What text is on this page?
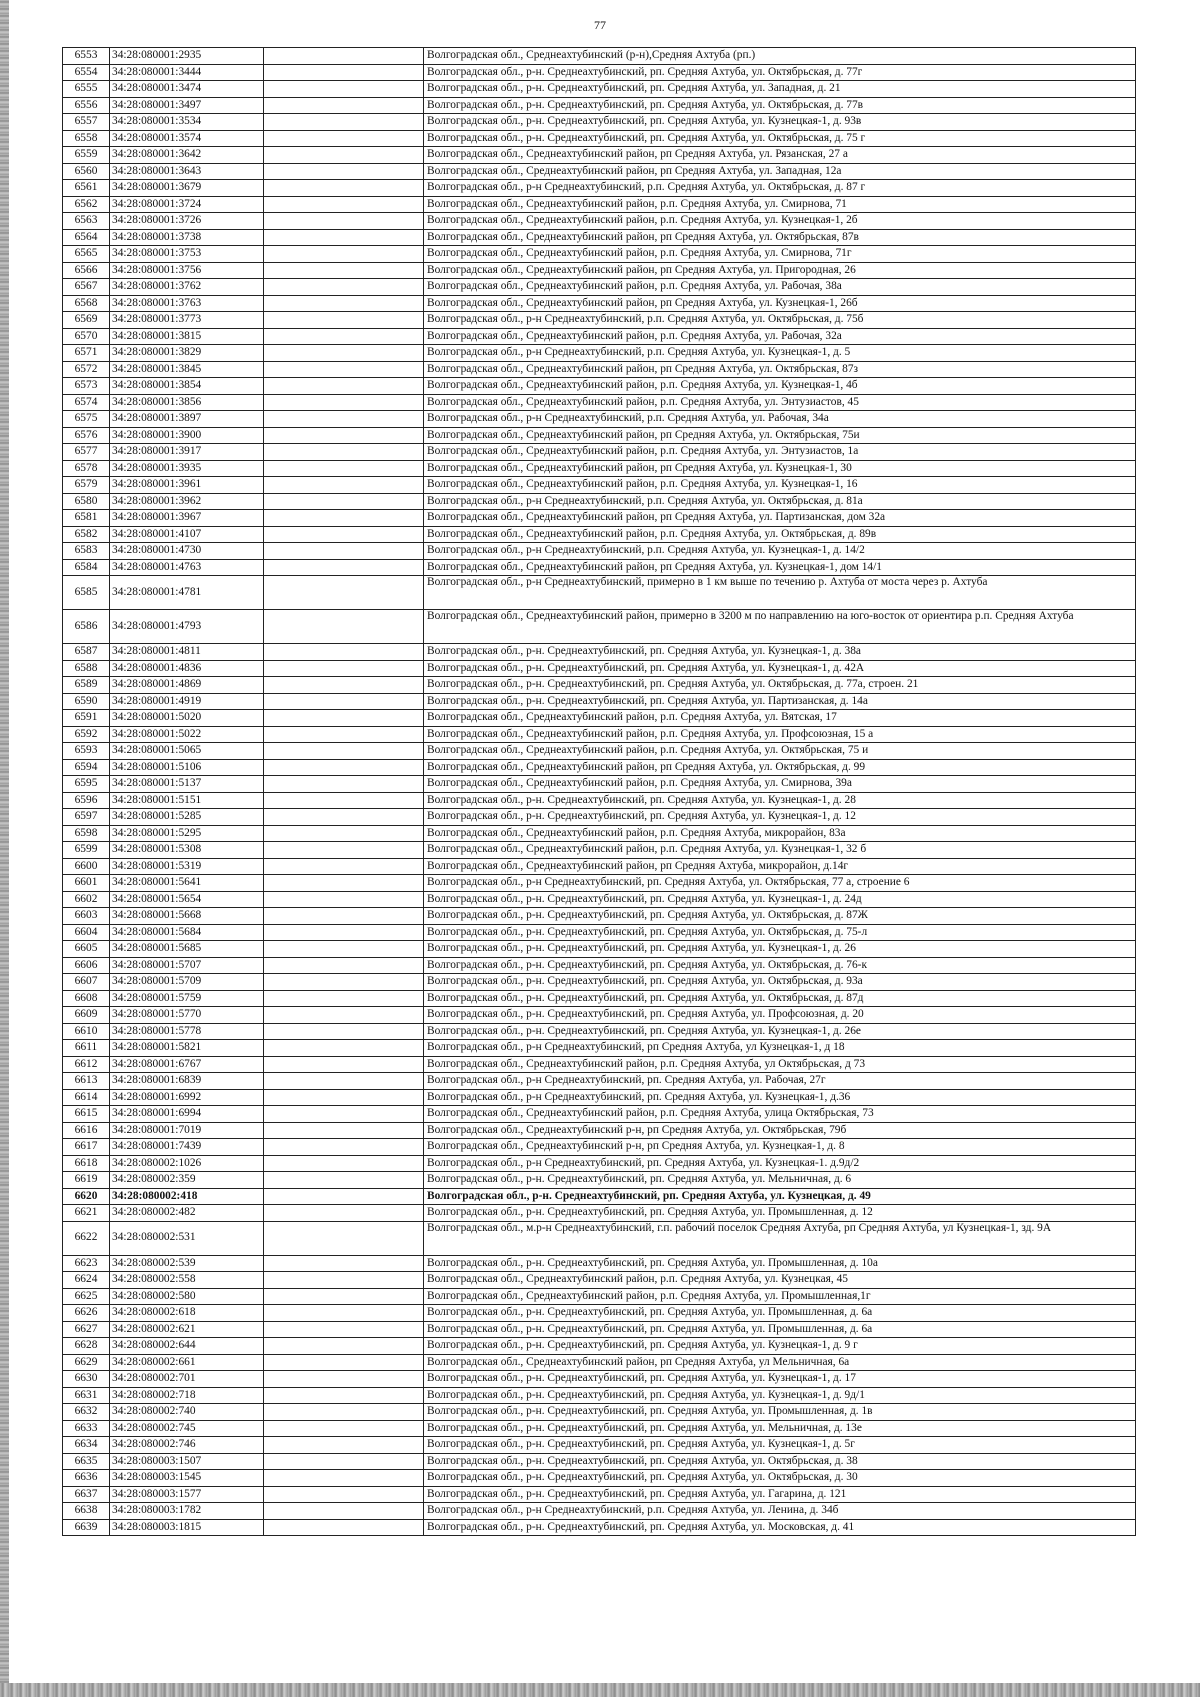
77
6553	34:28:080001:2935		Волгоградская обл., Среднеахтубинский (р-н),Средняя Ахтуба (рп.)
6554	34:28:080001:3444		Волгоградская обл., р-н. Среднеахтубинский, рп. Средняя Ахтуба, ул. Октябрьская, д. 77г
6555	34:28:080001:3474		Волгоградская обл., р-н. Среднеахтубинский, рп. Средняя Ахтуба, ул. Западная, д. 21
6556	34:28:080001:3497		Волгоградская обл., р-н. Среднеахтубинский, рп. Средняя Ахтуба, ул. Октябрьская, д. 77в
6557	34:28:080001:3534		Волгоградская обл., р-н. Среднеахтубинский, рп. Средняя Ахтуба, ул. Кузнецкая-1, д. 93в
6558	34:28:080001:3574		Волгоградская обл., р-н. Среднеахтубинский, рп. Средняя Ахтуба, ул. Октябрьская, д. 75 г
6559	34:28:080001:3642		Волгоградская обл., Среднеахтубинский район, рп Средняя Ахтуба, ул. Рязанская, 27 а
6560	34:28:080001:3643		Волгоградская обл., Среднеахтубинский район, рп Средняя Ахтуба, ул. Западная, 12а
6561	34:28:080001:3679		Волгоградская обл., р-н Среднеахтубинский, р.п. Средняя Ахтуба, ул. Октябрьская, д. 87 г
6562	34:28:080001:3724		Волгоградская обл., Среднеахтубинский район, р.п. Средняя Ахтуба, ул. Смирнова, 71
6563	34:28:080001:3726		Волгоградская обл., Среднеахтубинский район, р.п. Средняя Ахтуба, ул. Кузнецкая-1, 2б
6564	34:28:080001:3738		Волгоградская обл., Среднеахтубинский район, рп Средняя Ахтуба, ул. Октябрьская, 87в
6565	34:28:080001:3753		Волгоградская обл., Среднеахтубинский район, р.п. Средняя Ахтуба, ул. Смирнова, 71г
6566	34:28:080001:3756		Волгоградская обл., Среднеахтубинский район, рп Средняя Ахтуба, ул. Пригородная, 26
6567	34:28:080001:3762		Волгоградская обл., Среднеахтубинский район, р.п. Средняя Ахтуба, ул. Рабочая, 38а
6568	34:28:080001:3763		Волгоградская обл., Среднеахтубинский район, рп Средняя Ахтуба, ул. Кузнецкая-1, 26б
6569	34:28:080001:3773		Волгоградская обл., р-н Среднеахтубинский, р.п. Средняя Ахтуба, ул. Октябрьская, д. 75б
6570	34:28:080001:3815		Волгоградская обл., Среднеахтубинский район, р.п. Средняя Ахтуба, ул. Рабочая, 32а
6571	34:28:080001:3829		Волгоградская обл., р-н Среднеахтубинский, р.п. Средняя Ахтуба, ул. Кузнецкая-1, д. 5
6572	34:28:080001:3845		Волгоградская обл., Среднеахтубинский район, рп Средняя Ахтуба, ул. Октябрьская, 87з
6573	34:28:080001:3854		Волгоградская обл., Среднеахтубинский район, р.п. Средняя Ахтуба, ул. Кузнецкая-1, 4б
6574	34:28:080001:3856		Волгоградская обл., Среднеахтубинский район, р.п. Средняя Ахтуба, ул. Энтузиастов, 45
6575	34:28:080001:3897		Волгоградская обл., р-н Среднеахтубинский, р.п. Средняя Ахтуба, ул. Рабочая, 34а
6576	34:28:080001:3900		Волгоградская обл., Среднеахтубинский район, рп Средняя Ахтуба, ул. Октябрьская, 75и
6577	34:28:080001:3917		Волгоградская обл., Среднеахтубинский район, р.п. Средняя Ахтуба, ул. Энтузиастов, 1а
6578	34:28:080001:3935		Волгоградская обл., Среднеахтубинский район, рп Средняя Ахтуба, ул. Кузнецкая-1, 30
6579	34:28:080001:3961		Волгоградская обл., Среднеахтубинский район, р.п. Средняя Ахтуба, ул. Кузнецкая-1, 16
6580	34:28:080001:3962		Волгоградская обл., р-н Среднеахтубинский, р.п. Средняя Ахтуба, ул. Октябрьская, д. 81а
6581	34:28:080001:3967		Волгоградская обл., Среднеахтубинский район, рп Средняя Ахтуба, ул. Партизанская, дом 32а
6582	34:28:080001:4107		Волгоградская обл., Среднеахтубинский район, р.п. Средняя Ахтуба, ул. Октябрьская, д. 89в
6583	34:28:080001:4730		Волгоградская обл., р-н Среднеахтубинский, р.п. Средняя Ахтуба, ул. Кузнецкая-1, д. 14/2
6584	34:28:080001:4763		Волгоградская обл., Среднеахтубинский район, рп Средняя Ахтуба, ул. Кузнецкая-1, дом 14/1
6585	34:28:080001:4781		Волгоградская обл., р-н Среднеахтубинский, примерно в 1 км выше по течению р. Ахтуба от моста через р. Ахтуба
6586	34:28:080001:4793		Волгоградская обл., Среднеахтубинский район, примерно в 3200 м по направлению на юго-восток от ориентира р.п. Средняя Ахтуба
6587	34:28:080001:4811		Волгоградская обл., р-н. Среднеахтубинский, рп. Средняя Ахтуба, ул. Кузнецкая-1, д. 38а
6588	34:28:080001:4836		Волгоградская обл., р-н. Среднеахтубинский, рп. Средняя Ахтуба, ул. Кузнецкая-1, д. 42А
6589	34:28:080001:4869		Волгоградская обл., р-н. Среднеахтубинский, рп. Средняя Ахтуба, ул. Октябрьская, д. 77а, строен. 21
6590	34:28:080001:4919		Волгоградская обл., р-н. Среднеахтубинский, рп. Средняя Ахтуба, ул. Партизанская, д. 14а
6591	34:28:080001:5020		Волгоградская обл., Среднеахтубинский район, р.п. Средняя Ахтуба, ул. Вятская, 17
6592	34:28:080001:5022		Волгоградская обл., Среднеахтубинский район, р.п. Средняя Ахтуба, ул. Профсоюзная, 15 а
6593	34:28:080001:5065		Волгоградская обл., Среднеахтубинский район, р.п. Средняя Ахтуба, ул. Октябрьская, 75 и
6594	34:28:080001:5106		Волгоградская обл., Среднеахтубинский район, рп Средняя Ахтуба, ул. Октябрьская, д. 99
6595	34:28:080001:5137		Волгоградская обл., Среднеахтубинский район, р.п. Средняя Ахтуба, ул. Смирнова, 39а
6596	34:28:080001:5151		Волгоградская обл., р-н. Среднеахтубинский, рп. Средняя Ахтуба, ул. Кузнецкая-1, д. 28
6597	34:28:080001:5285		Волгоградская обл., р-н. Среднеахтубинский, рп. Средняя Ахтуба, ул. Кузнецкая-1, д. 12
6598	34:28:080001:5295		Волгоградская обл., Среднеахтубинский район, р.п. Средняя Ахтуба, микрорайон, 83а
6599	34:28:080001:5308		Волгоградская обл., Среднеахтубинский район, р.п. Средняя Ахтуба, ул. Кузнецкая-1, 32 б
6600	34:28:080001:5319		Волгоградская обл., Среднеахтубинский район, рп Средняя Ахтуба, микрорайон, д.14г
6601	34:28:080001:5641		Волгоградская обл., р-н Среднеахтубинский, рп. Средняя Ахтуба, ул. Октябрьская, 77 а, строение 6
6602	34:28:080001:5654		Волгоградская обл., р-н. Среднеахтубинский, рп. Средняя Ахтуба, ул. Кузнецкая-1, д. 24д
6603	34:28:080001:5668		Волгоградская обл., р-н. Среднеахтубинский, рп. Средняя Ахтуба, ул. Октябрьская, д. 87Ж
6604	34:28:080001:5684		Волгоградская обл., р-н. Среднеахтубинский, рп. Средняя Ахтуба, ул. Октябрьская, д. 75-л
6605	34:28:080001:5685		Волгоградская обл., р-н. Среднеахтубинский, рп. Средняя Ахтуба, ул. Кузнецкая-1, д. 26
6606	34:28:080001:5707		Волгоградская обл., р-н. Среднеахтубинский, рп. Средняя Ахтуба, ул. Октябрьская, д. 76-к
6607	34:28:080001:5709		Волгоградская обл., р-н. Среднеахтубинский, рп. Средняя Ахтуба, ул. Октябрьская, д. 93а
6608	34:28:080001:5759		Волгоградская обл., р-н. Среднеахтубинский, рп. Средняя Ахтуба, ул. Октябрьская, д. 87д
6609	34:28:080001:5770		Волгоградская обл., р-н. Среднеахтубинский, рп. Средняя Ахтуба, ул. Профсоюзная, д. 20
6610	34:28:080001:5778		Волгоградская обл., р-н. Среднеахтубинский, рп. Средняя Ахтуба, ул. Кузнецкая-1, д. 26е
6611	34:28:080001:5821		Волгоградская обл., р-н Среднеахтубинский, рп Средняя Ахтуба, ул Кузнецкая-1, д 18
6612	34:28:080001:6767		Волгоградская обл., Среднеахтубинский район, р.п. Средняя Ахтуба, ул Октябрьская, д 73
6613	34:28:080001:6839		Волгоградская обл., р-н Среднеахтубинский, рп. Средняя Ахтуба, ул. Рабочая, 27г
6614	34:28:080001:6992		Волгоградская обл., р-н Среднеахтубинский, рп. Средняя Ахтуба, ул. Кузнецкая-1, д.36
6615	34:28:080001:6994		Волгоградская обл., Среднеахтубинский район, р.п. Средняя Ахтуба, улица Октябрьская, 73
6616	34:28:080001:7019		Волгоградская обл., Среднеахтубинский р-н, рп Средняя Ахтуба, ул. Октябрьская, 79б
6617	34:28:080001:7439		Волгоградская обл., Среднеахтубинский р-н, рп Средняя Ахтуба, ул. Кузнецкая-1, д. 8
6618	34:28:080002:1026		Волгоградская обл., р-н Среднеахтубинский, рп. Средняя Ахтуба, ул. Кузнецкая-1. д.9д/2
6619	34:28:080002:359		Волгоградская обл., р-н. Среднеахтубинский, рп. Средняя Ахтуба, ул. Мельничная, д. 6
6620	34:28:080002:418		Волгоградская обл., р-н. Среднеахтубинский, рп. Средняя Ахтуба, ул. Кузнецкая, д. 49
6621	34:28:080002:482		Волгоградская обл., р-н. Среднеахтубинский, рп. Средняя Ахтуба, ул. Промышленная, д. 12
6622	34:28:080002:531		Волгоградская обл., м.р-н Среднеахтубинский, г.п. рабочий поселок Средняя Ахтуба, рп Средняя Ахтуба, ул Кузнецкая-1, зд. 9А
6623	34:28:080002:539		Волгоградская обл., р-н. Среднеахтубинский, рп. Средняя Ахтуба, ул. Промышленная, д. 10а
6624	34:28:080002:558		Волгоградская обл., Среднеахтубинский район, р.п. Средняя Ахтуба, ул. Кузнецкая, 45
6625	34:28:080002:580		Волгоградская обл., Среднеахтубинский район, р.п. Средняя Ахтуба, ул. Промышленная,1г
6626	34:28:080002:618		Волгоградская обл., р-н. Среднеахтубинский, рп. Средняя Ахтуба, ул. Промышленная, д. 6а
6627	34:28:080002:621		Волгоградская обл., р-н. Среднеахтубинский, рп. Средняя Ахтуба, ул. Промышленная, д. 6а
6628	34:28:080002:644		Волгоградская обл., р-н. Среднеахтубинский, рп. Средняя Ахтуба, ул. Кузнецкая-1, д. 9 г
6629	34:28:080002:661		Волгоградская обл., Среднеахтубинский район, рп Средняя Ахтуба, ул Мельничная, 6а
6630	34:28:080002:701		Волгоградская обл., р-н. Среднеахтубинский, рп. Средняя Ахтуба, ул. Кузнецкая-1, д. 17
6631	34:28:080002:718		Волгоградская обл., р-н. Среднеахтубинский, рп. Средняя Ахтуба, ул. Кузнецкая-1, д. 9д/1
6632	34:28:080002:740		Волгоградская обл., р-н. Среднеахтубинский, рп. Средняя Ахтуба, ул. Промышленная, д. 1в
6633	34:28:080002:745		Волгоградская обл., р-н. Среднеахтубинский, рп. Средняя Ахтуба, ул. Мельничная, д. 13е
6634	34:28:080002:746		Волгоградская обл., р-н. Среднеахтубинский, рп. Средняя Ахтуба, ул. Кузнецкая-1, д. 5г
6635	34:28:080003:1507		Волгоградская обл., р-н. Среднеахтубинский, рп. Средняя Ахтуба, ул. Октябрьская, д. 38
6636	34:28:080003:1545		Волгоградская обл., р-н. Среднеахтубинский, рп. Средняя Ахтуба, ул. Октябрьская, д. 30
6637	34:28:080003:1577		Волгоградская обл., р-н. Среднеахтубинский, рп. Средняя Ахтуба, ул. Гагарина, д. 121
6638	34:28:080003:1782		Волгоградская обл., р-н Среднеахтубинский, р.п. Средняя Ахтуба, ул. Ленина, д. 34б
6639	34:28:080003:1815		Волгоградская обл., р-н. Среднеахтубинский, рп. Средняя Ахтуба, ул. Московская, д. 41
